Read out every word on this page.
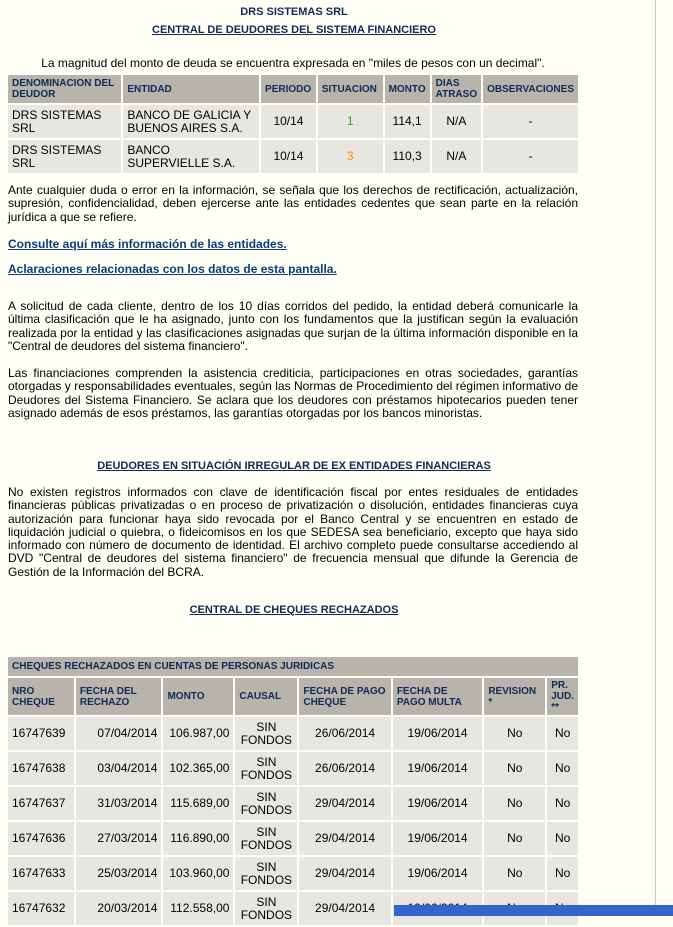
DRS SISTEMAS SRL
CENTRAL DE DEUDORES DEL SISTEMA FINANCIERO
La magnitud del monto de deuda se encuentra expresada en "miles de pesos con un decimal".
DENOMINACION DEL DEUDOR	ENTIDAD	PERIODO	SITUACION	MONTO	DIAS ATRASO	OBSERVACIONES
DRS SISTEMAS SRL	BANCO DE GALICIA Y BUENOS AIRES S.A.	10/14	1	114,1	N/A	-
DRS SISTEMAS SRL	BANCO SUPERVIELLE S.A.	10/14	3	110,3	N/A	-
Ante cualquier duda o error en la información, se señala que los derechos de rectificación, actualización, supresión, confidencialidad, deben ejercerse ante las entidades cedentes que sean parte en la relación jurídica a que se refiere.
Consulte aquí más información de las entidades.
Aclaraciones relacionadas con los datos de esta pantalla.
A solicitud de cada cliente, dentro de los 10 días corridos del pedido, la entidad deberá comunicarle la última clasificación que le ha asignado, junto con los fundamentos que la justifican según la evaluación realizada por la entidad y las clasificaciones asignadas que surjan de la última información disponible en la "Central de deudores del sistema financiero".
Las financiaciones comprenden la asistencia crediticia, participaciones en otras sociedades, garantías otorgadas y responsabilidades eventuales, según las Normas de Procedimiento del régimen informativo de Deudores del Sistema Financiero. Se aclara que los deudores con préstamos hipotecarios pueden tener asignado además de esos préstamos, las garantías otorgadas por los bancos minoristas.
DEUDORES EN SITUACIÓN IRREGULAR DE EX ENTIDADES FINANCIERAS
No existen registros informados con clave de identificación fiscal por entes residuales de entidades financieras públicas privatizadas o en proceso de privatización o disolución, entidades financieras cuya autorización para funcionar haya sido revocada por el Banco Central y se encuentren en estado de liquidación judicial o quiebra, o fideicomisos en los que SEDESA sea beneficiario, excepto que haya sido informado con número de documento de identidad. El archivo completo puede consultarse accediendo al DVD "Central de deudores del sistema financiero" de frecuencia mensual que difunde la Gerencia de Gestión de la Información del BCRA.
CENTRAL DE CHEQUES RECHAZADOS
CHEQUES RECHAZADOS EN CUENTAS DE PERSONAS JURIDICAS							
NRO CHEQUE	FECHA DEL RECHAZO	MONTO	CAUSAL	FECHA DE PAGO CHEQUE	FECHA DE PAGO MULTA	REVISION *	PR. JUD. **
16747639	07/04/2014	106.987,00	SIN FONDOS	26/06/2014	19/06/2014	No	No
16747638	03/04/2014	102.365,00	SIN FONDOS	26/06/2014	19/06/2014	No	No
16747637	31/03/2014	115.689,00	SIN FONDOS	29/04/2014	19/06/2014	No	No
16747636	27/03/2014	116.890,00	SIN FONDOS	29/04/2014	19/06/2014	No	No
16747633	25/03/2014	103.960,00	SIN FONDOS	29/04/2014	19/06/2014	No	No
16747632	20/03/2014	112.558,00	SIN FONDOS	29/04/2014			
